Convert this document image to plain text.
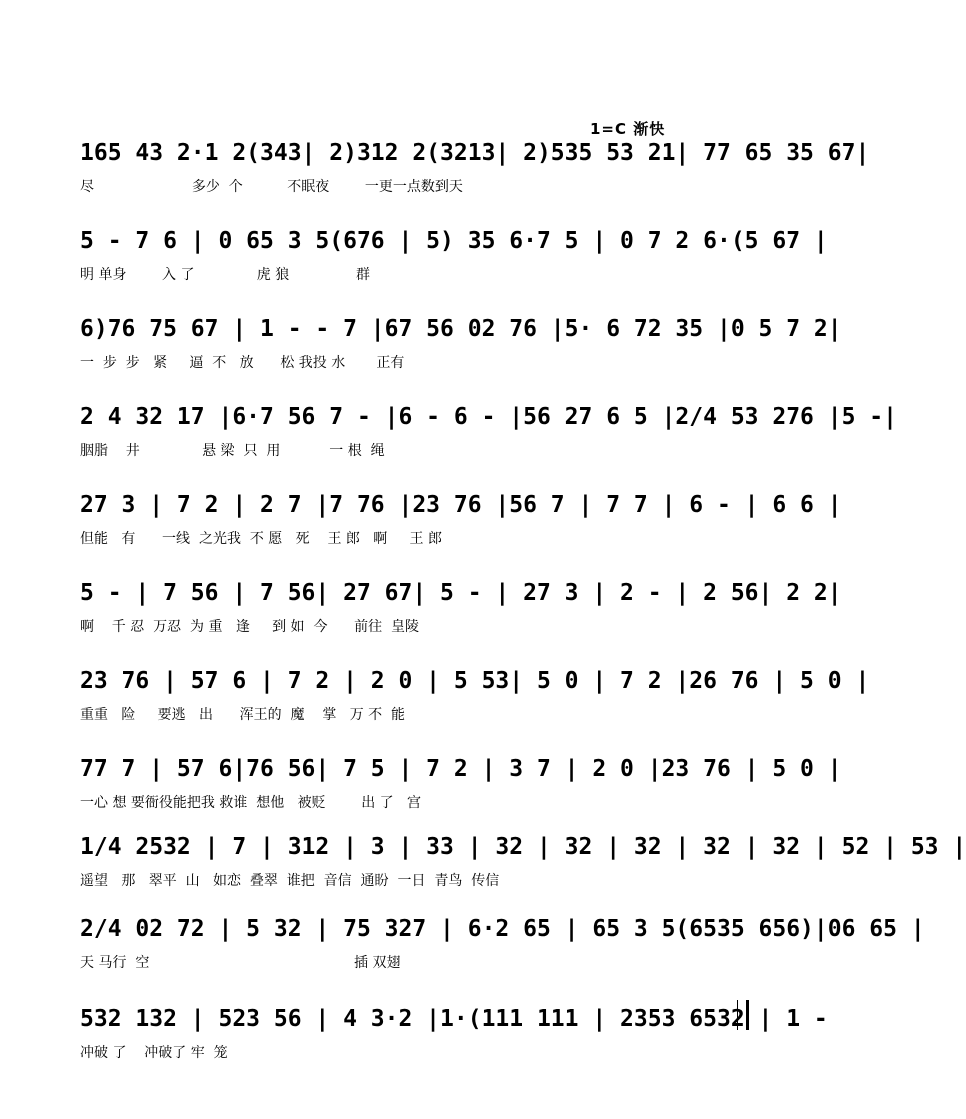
1=C 渐快
165 43 2·1 2(343| 2)312 2(3213| 2)535 53 21| 77 65 35 67|
尽                      多少  个          不眠夜        一更一点数到天
5 - 7 6 | 0 65 3 5(676 | 5) 35 6·7 5 | 0 7 2 6·(5 67 |
明 单身        入 了              虎 狼               群
6)76 75 67 | 1 - - 7 |67 56 02 76 |5· 6 72 35 |0 5 7 2|
一  步  步   紧     逼  不   放      松 我投 水       正有
2 4 32 17 |6·7 56 7 - |6 - 6 - |56 27 6 5 |2/4 53 276 |5 -|
胭脂    井              悬 梁  只  用           一 根  绳
27 3 | 7 2 | 2 7 |7 76 |23 76 |56 7 | 7 7 | 6 - | 6 6 |
但能   有      一线  之光我  不 愿   死    王 郎   啊     王 郎
5 - | 7 56 | 7 56| 27 67| 5 - | 27 3 | 2 - | 2 56| 2 2|
啊    千 忍  万忍  为 重   逢     到 如  今      前往  皇陵
23 76 | 57 6 | 7 2 | 2 0 | 5 53| 5 0 | 7 2 |26 76 | 5 0 |
重重   险     要逃   出      浑王的  魔    掌   万 不  能
77 7 | 57 6|76 56| 7 5 | 7 2 | 3 7 | 2 0 |23 76 | 5 0 |
一心 想 要衙役能把我 救谁  想他   被贬        出 了   宫
1/4 2532 | 7 | 312 | 3 | 33 | 32 | 32 | 32 | 32 | 32 | 52 | 53 |
遥望   那   翠平  山   如恋  叠翠  谁把  音信  通盼  一日  青鸟  传信
2/4 02 72 | 5 32 | 75 327 | 6·2 65 | 65 3 5(6535 656)|06 65 |
天 马行  空                                              插 双翅
532 132 | 523 56 | 4 3·2 |1·(111 111 | 2353 6532 | 1 -
冲破 了    冲破了 牢  笼
